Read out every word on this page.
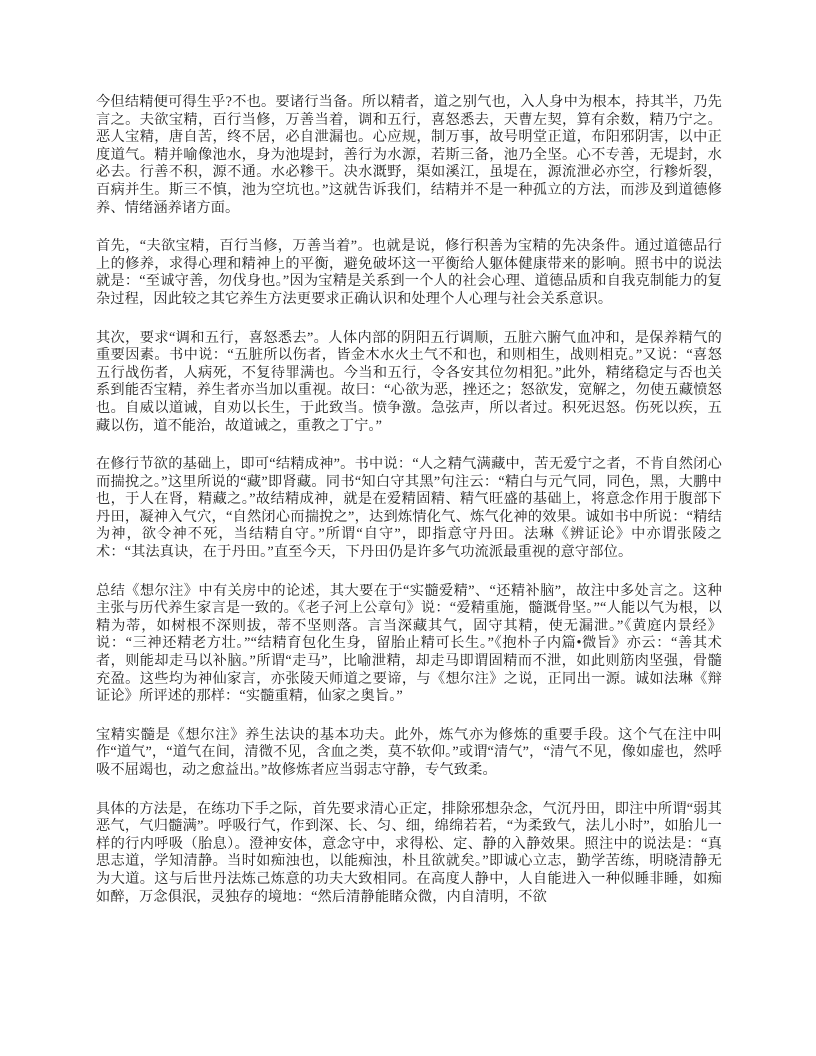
今但结精便可得生乎?不也。要诸行当备。所以精者，道之别气也，入人身中为根本，持其半，乃先言之。夫欲宝精，百行当修，万善当着，调和五行，喜怒悉去，天曹左契，算有余数，精乃宁之。恶人宝精，唐自苦，终不居，必自泄漏也。心应规，制万事，故号明堂正道，布阳邪阴害，以中正度道气。精并喻像池水，身为池堤封，善行为水源，若斯三备，池乃全坚。心不专善，无堤封，水必去。行善不积，源不通。水必糁干。决水溉野，渠如溪江，虽堤在，源流泄必亦空，行糁炘裂，百病并生。斯三不慎，池为空坑也。”这就告诉我们，结精并不是一种孤立的方法，而涉及到道德修养、情绪涵养诸方面。

首先，“夫欲宝精，百行当修，万善当着”。也就是说，修行积善为宝精的先决条件。通过道德品行上的修养，求得心理和精神上的平衡，避免破坏这一平衡给人躯体健康带来的影响。照书中的说法就是：“至诚守善，勿伐身也。”因为宝精是关系到一个人的社会心理、道德品质和自我克制能力的复杂过程，因此较之其它养生方法更要求正确认识和处理个人心理与社会关系意识。

其次，要求“调和五行，喜怒悉去”。人体内部的阴阳五行调顺，五脏六腑气血冲和，是保养精气的重要因素。书中说：“五脏所以伤者，皆金木水火土气不和也，和则相生，战则相克。”又说：“喜怒五行战伤者，人病死，不复待罪满也。今当和五行，令各安其位勿相犯。”此外，精绪稳定与否也关系到能否宝精，养生者亦当加以重视。故曰：“心欲为恶，挫还之；怒欲发，宽解之，勿使五藏愤怒也。自威以道诫，自劝以长生，于此致当。愤争激。急弦声，所以者过。积死迟怒。伤死以疾，五藏以伤，道不能治，故道诫之，重教之丁宁。”

在修行节欲的基础上，即可“结精成神”。书中说：“人之精气满藏中，苦无爱宁之者，不肯自然闭心而揣挩之。”这里所说的“藏”即肾藏。同书“知白守其黑”句注云：“精白与元气同，同色，黑，大鹏中也，于人在肾，精藏之。”故结精成神，就是在爱精固精、精气旺盛的基础上，将意念作用于腹部下丹田，凝神入气穴，“自然闭心而揣挩之”，达到炼情化气、炼气化神的效果。诚如书中所说：“精结为神，欲令神不死，当结精自守。”所谓“自守”，即指意守丹田。法琳《辨证论》中亦谓张陵之术：“其法真诀，在于丹田。”直至今天，下丹田仍是许多气功流派最重视的意守部位。

总结《想尔注》中有关房中的论述，其大要在于“实髓爱精”、“还精补脑”，故注中多处言之。这种主张与历代养生家言是一致的。《老子河上公章句》说：“爱精重施，髓溉骨坚。”“人能以气为根，以精为蒂，如树根不深则拔，蒂不坚则落。言当深藏其气，固守其精，使无漏泄。”《黄庭内景经》说：“三神还精老方壮。”“结精育包化生身，留胎止精可长生。”《抱朴子内篇•微旨》亦云：“善其术者，则能却走马以补脑。”所谓“走马”，比喻泄精，却走马即谓固精而不泄，如此则筋肉坚强，骨髓充盈。这些均为神仙家言，亦张陵天师道之要谛，与《想尔注》之说，正同出一源。诚如法琳《辩证论》所评述的那样：“实髓重精，仙家之奥旨。”

宝精实髓是《想尔注》养生法诀的基本功夫。此外，炼气亦为修炼的重要手段。这个气在注中叫作“道气”，“道气在间，清微不见，含血之类，莫不软仰。”或谓“清气”，“清气不见，像如虚也，然呼吸不屈竭也，动之愈益出。”故修炼者应当弱志守静，专气致柔。

具体的方法是，在练功下手之际，首先要求清心正定，排除邪想杂念，气沉丹田，即注中所谓“弱其恶气，气归髓满”。呼吸行气，作到深、长、匀、细，绵绵若若，“为柔致气，法儿小时”，如胎儿一样的行内呼吸（胎息）。澄神安体，意念守中，求得松、定、静的入静效果。照注中的说法是：“真思志道，学知清静。当时如痴浊也，以能痴浊，朴且欲就矣。”即诚心立志，勤学苦练，明晓清静无为大道。这与后世丹法炼己炼意的功夫大致相同。在高度人静中，人自能进入一种似睡非睡，如痴如醉，万念俱泯，灵独存的境地：“然后清静能睹众微，内自清明，不欲
